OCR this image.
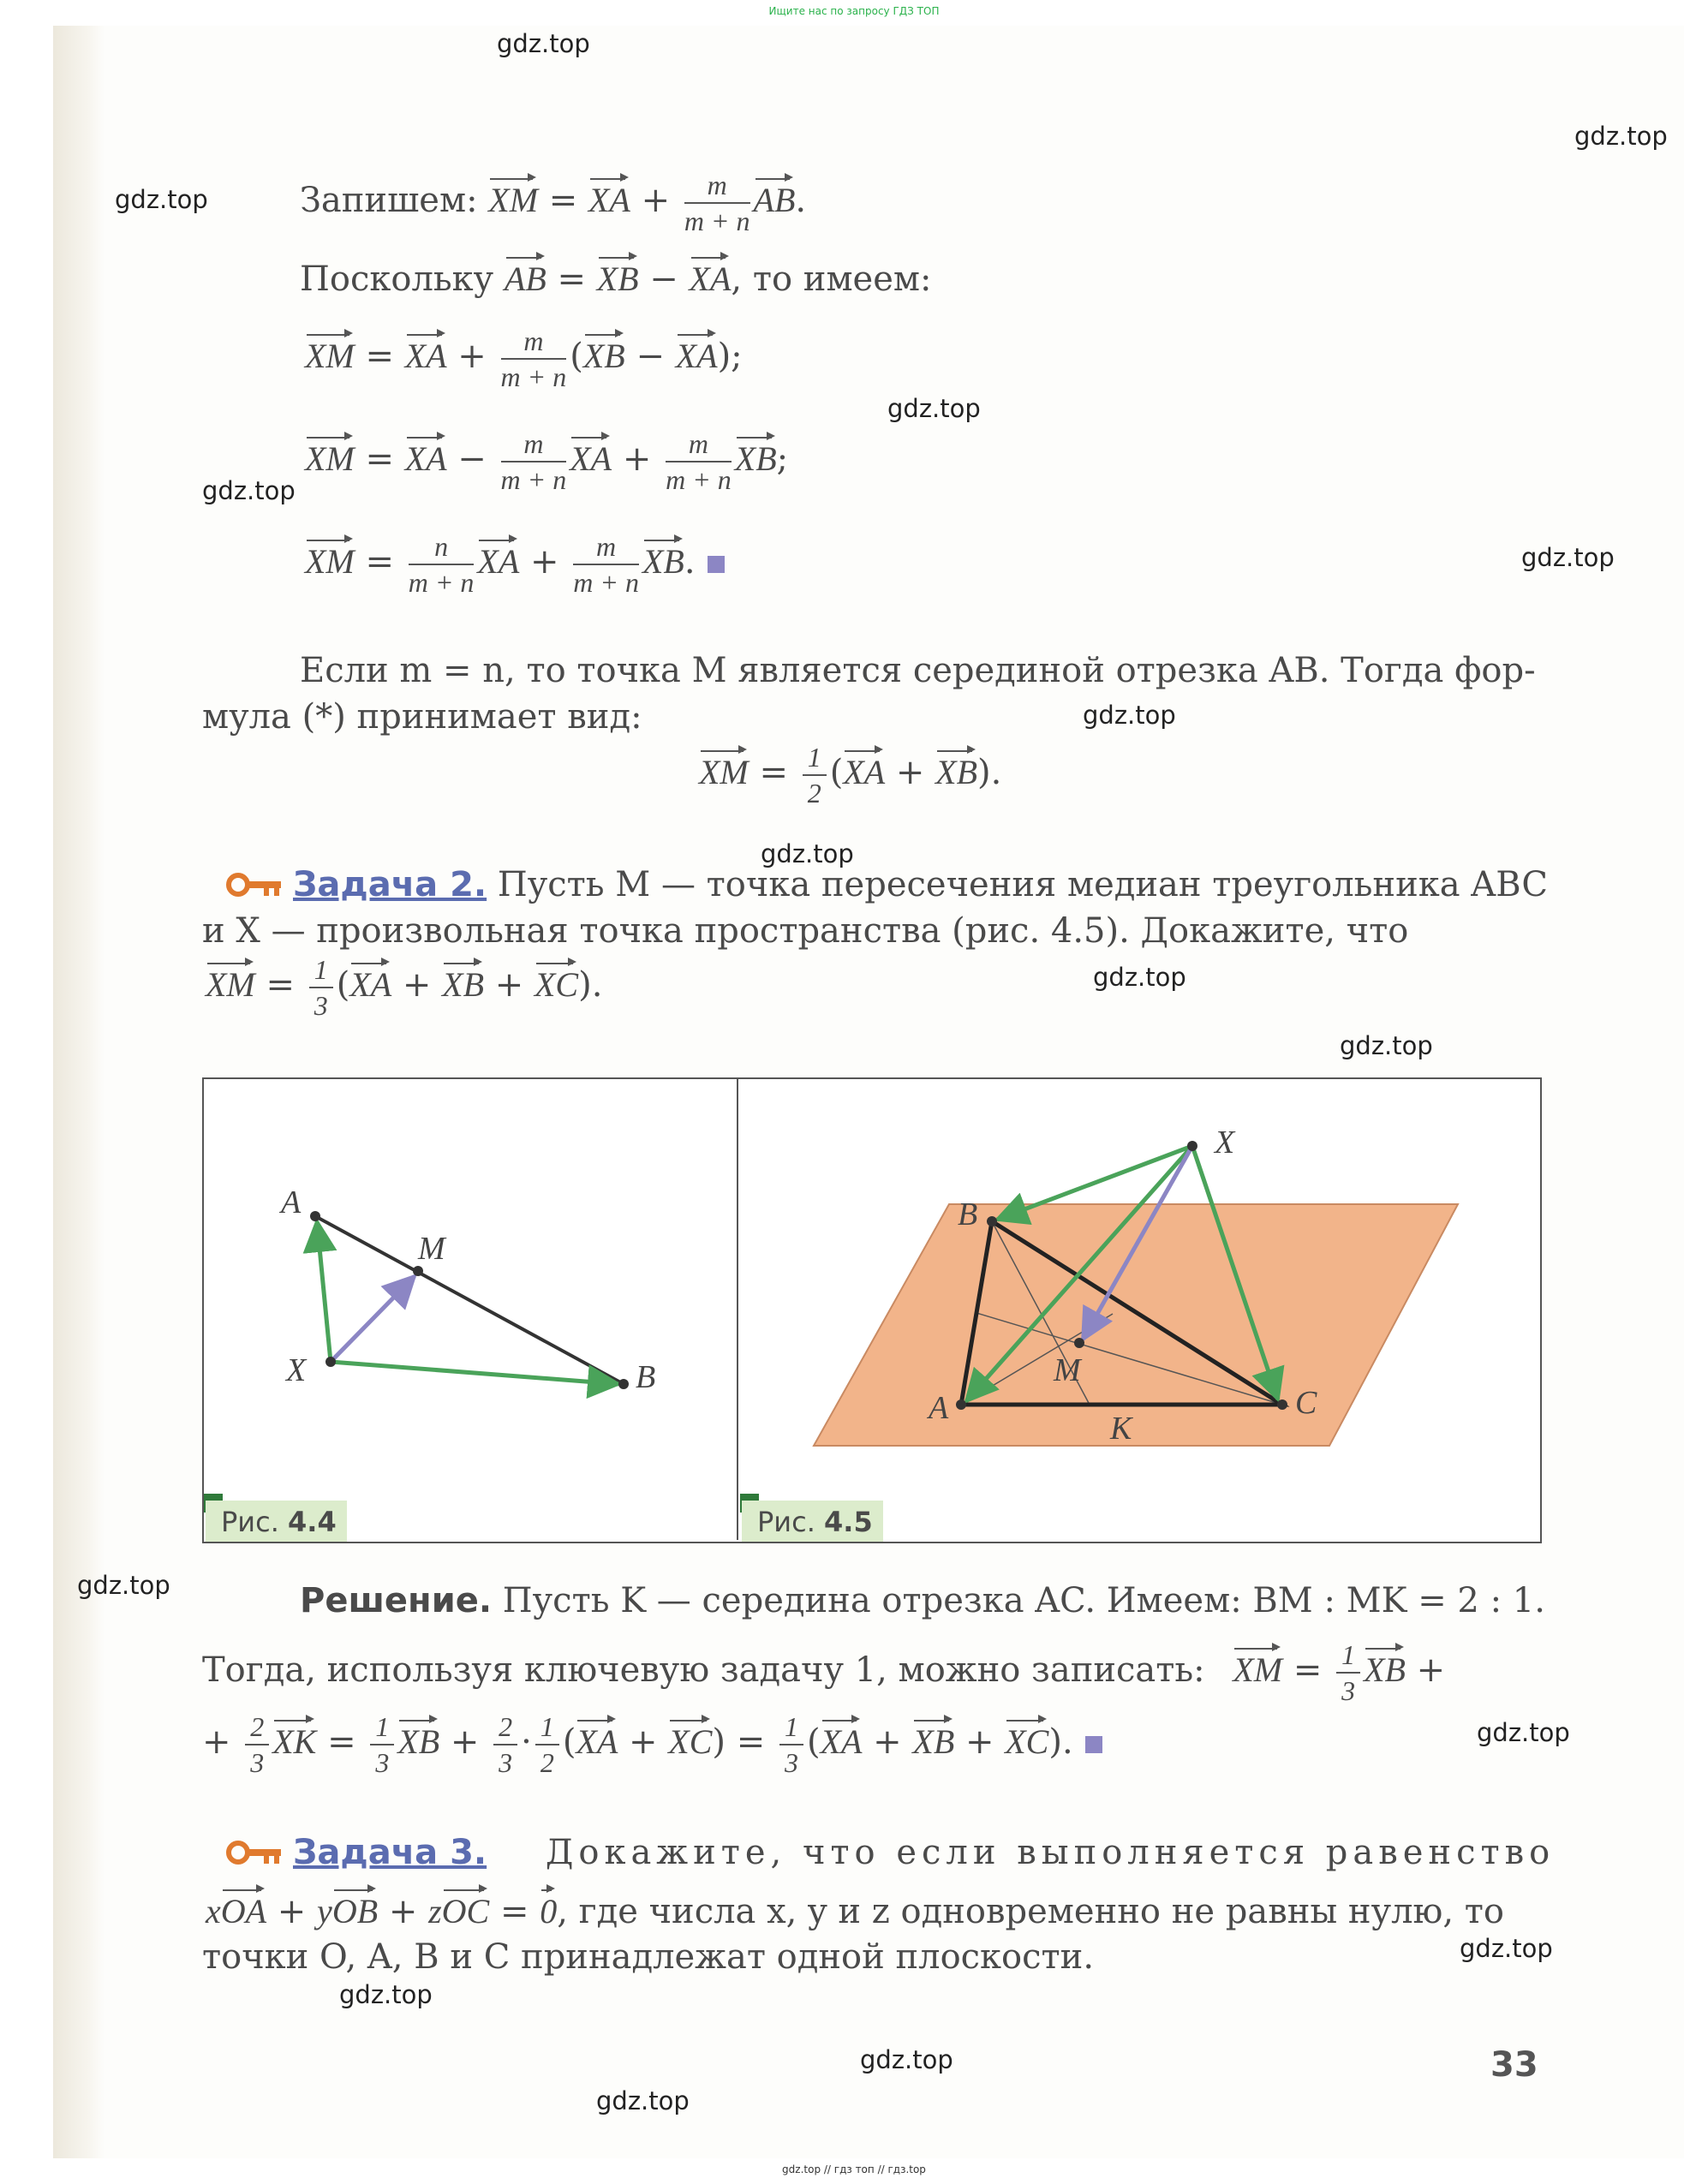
Ищите нас по запросу ГДЗ ТОП
gdz.top
gdz.top
gdz.top
gdz.top
gdz.top
gdz.top
gdz.top
gdz.top
gdz.top
gdz.top
gdz.top
gdz.top
gdz.top
gdz.top
gdz.top
gdz.top
Запишем: XM = XA + $\frac{m}{m + n}$ AB.
Поскольку AB = XB − XA, то имеем:
XM = XA + $\frac{m}{m + n} (XB - XA)$;
XM = XA − $\frac{m}{m + n}$ XA + $\frac{m}{m + n}$ XB;
XM = $\frac{n}{m + n}$ XA + $\frac{m}{m + n}$ XB.
Если m = n, то точка M является серединой отрезка AB. Тогда фор-
мула (*) принимает вид:
XM = $\frac{1}{2} (XA + XB)$.
Задача 2. Пусть M — точка пересечения медиан треугольника ABC
и X — произвольная точка пространства (рис. 4.5). Докажите, что
XM = $\frac{1}{3} (XA$ + XB + XC).
A
M
X	B
X
B
M
A	C
K
Рис. 4.4	Рис. 4.5
Решение. Пусть K — середина отрезка AC. Имеем: BM : MK = 2 : 1.
Тогда, используя ключевую задачу 1, можно записать: XM = $\frac{1}{3}$ XB +
+ $\frac{2}{3}$ XK = $\frac{1}{3}$ XB + $\frac{2}{3} \cdot \frac{1}{2} (XA + XC) = \frac{1}{3} (XA$ + XB + XC).
Задача 3. Докажите, что если выполняется равенство
xOA + yOB + zOC = 0, где числа x, y и z одновременно не равны нулю, то
точки O, A, B и C принадлежат одной плоскости.
33
gdz.top // гдз топ // гдз.top
